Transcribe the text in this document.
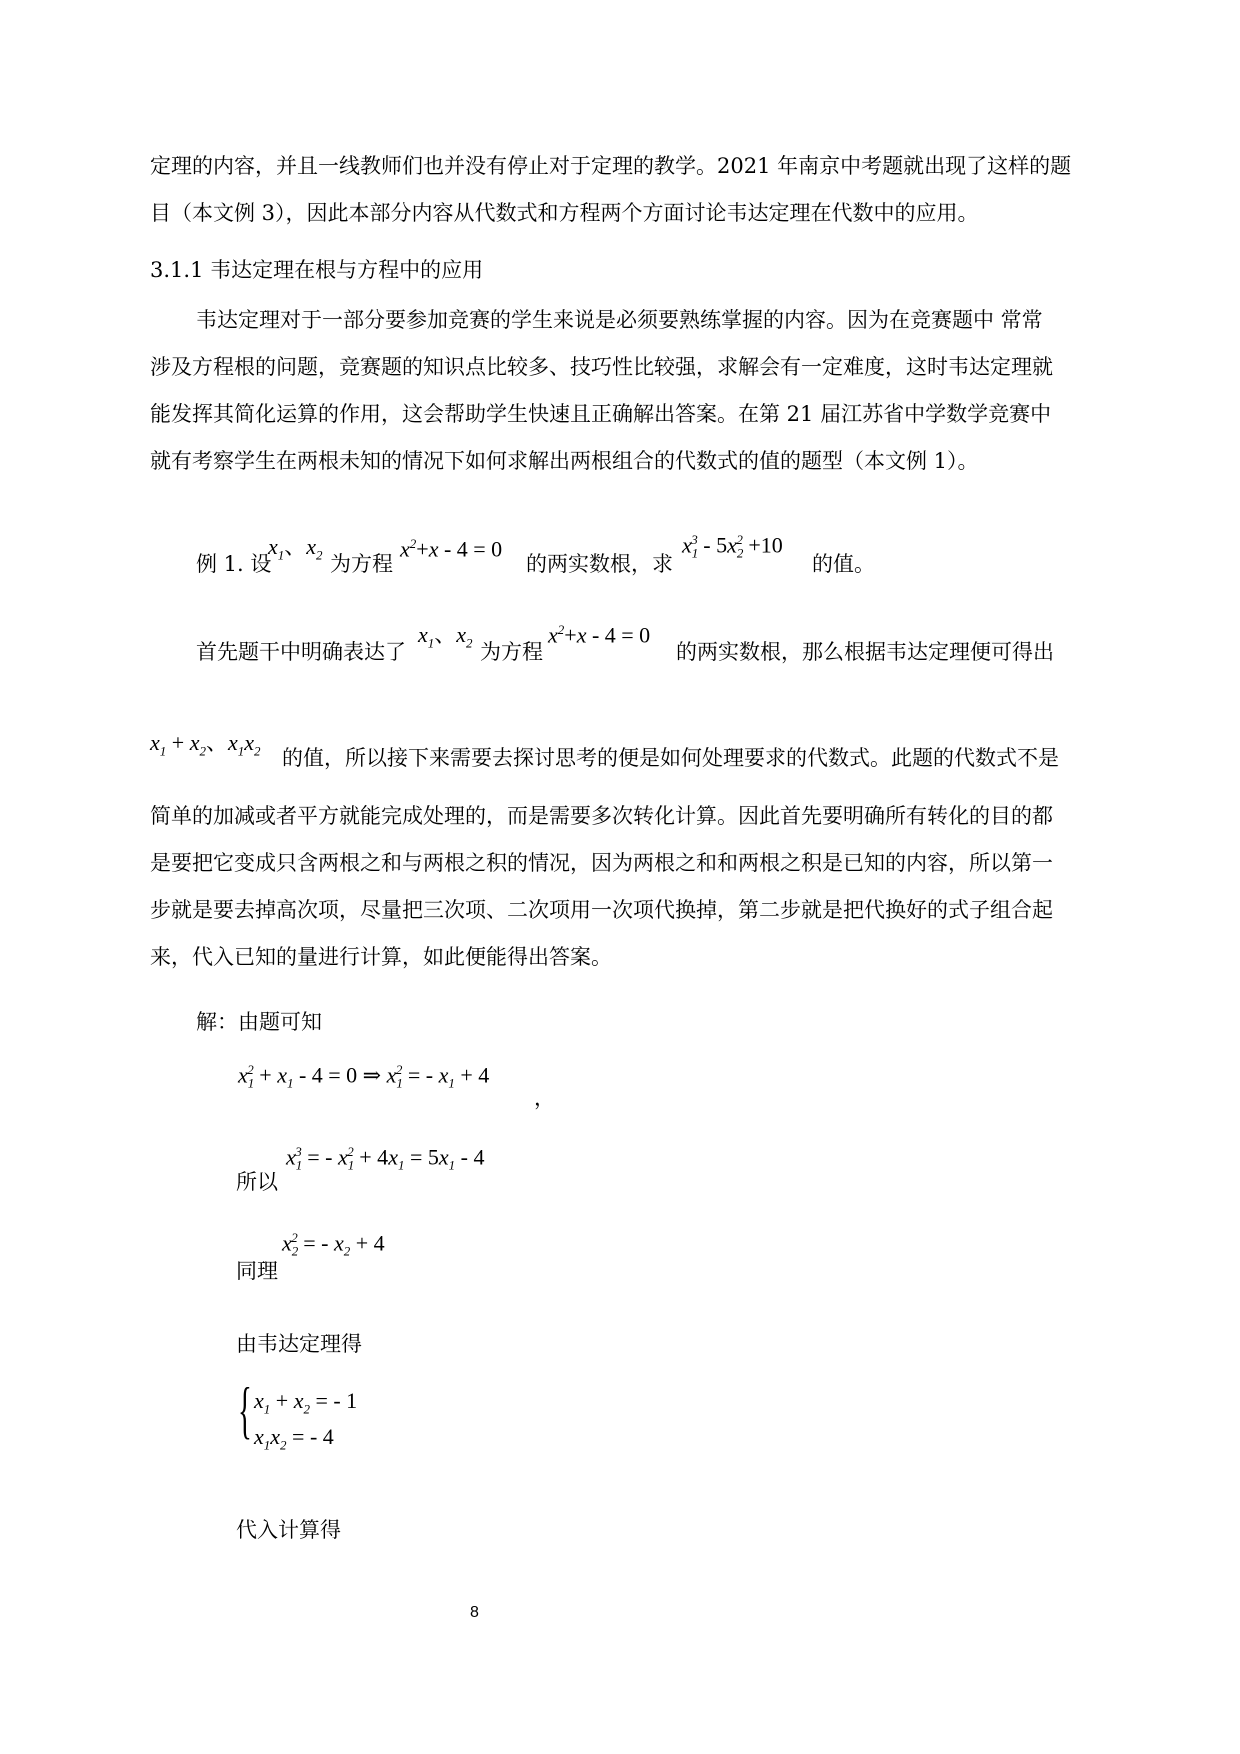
定理的内容，并且一线教师们也并没有停止对于定理的教学。2021 年南京中考题就出现了这样的题
目（本文例 3），因此本部分内容从代数式和方程两个方面讨论韦达定理在代数中的应用。
3.1.1 韦达定理在根与方程中的应用
韦达定理对于一部分要参加竞赛的学生来说是必须要熟练掌握的内容。因为在竞赛题中 常常
涉及方程根的问题，竞赛题的知识点比较多、技巧性比较强，求解会有一定难度，这时韦达定理就
能发挥其简化运算的作用，这会帮助学生快速且正确解出答案。在第 21 届江苏省中学数学竞赛中
就有考察学生在两根未知的情况下如何求解出两根组合的代数式的值的题型（本文例 1）。
例 1. 设
$x_1$、$x_2$ 为方程
$x^2+x - 4 = 0$
的两实数根，求
$x_1^3 - 5x_2^2 +10$
的值。
首先题干中明确表达了
$x_1$、$x_2$ 为方程
$x^2+x - 4 = 0$
的两实数根，那么根据韦达定理便可得出
$x_1 + x_2$、$x_1x_2$ 的值，所以接下来需要去探讨思考的便是如何处理要求的代数式。此题的代数式不是
简单的加减或者平方就能完成处理的，而是需要多次转化计算。因此首先要明确所有转化的目的都
是要把它变成只含两根之和与两根之积的情况，因为两根之和和两根之积是已知的内容，所以第一
步就是要去掉高次项，尽量把三次项、二次项用一次项代换掉，第二步就是把代换好的式子组合起
来，代入已知的量进行计算，如此便能得出答案。
解：由题可知
$x_1^2 + x_1 - 4 = 0$ ⇒ $x_1^2$ = - $x_1 + 4$
，
所以
$x_1^3$ = - $x_1^2 + 4x_1 = 5x_1 - 4$
同理
$x_2^2$ = - $x_2 + 4$
由韦达定理得
{ $x_1 + x_2$ = - 1
$x_1x_2$ = - 4
代入计算得
8
